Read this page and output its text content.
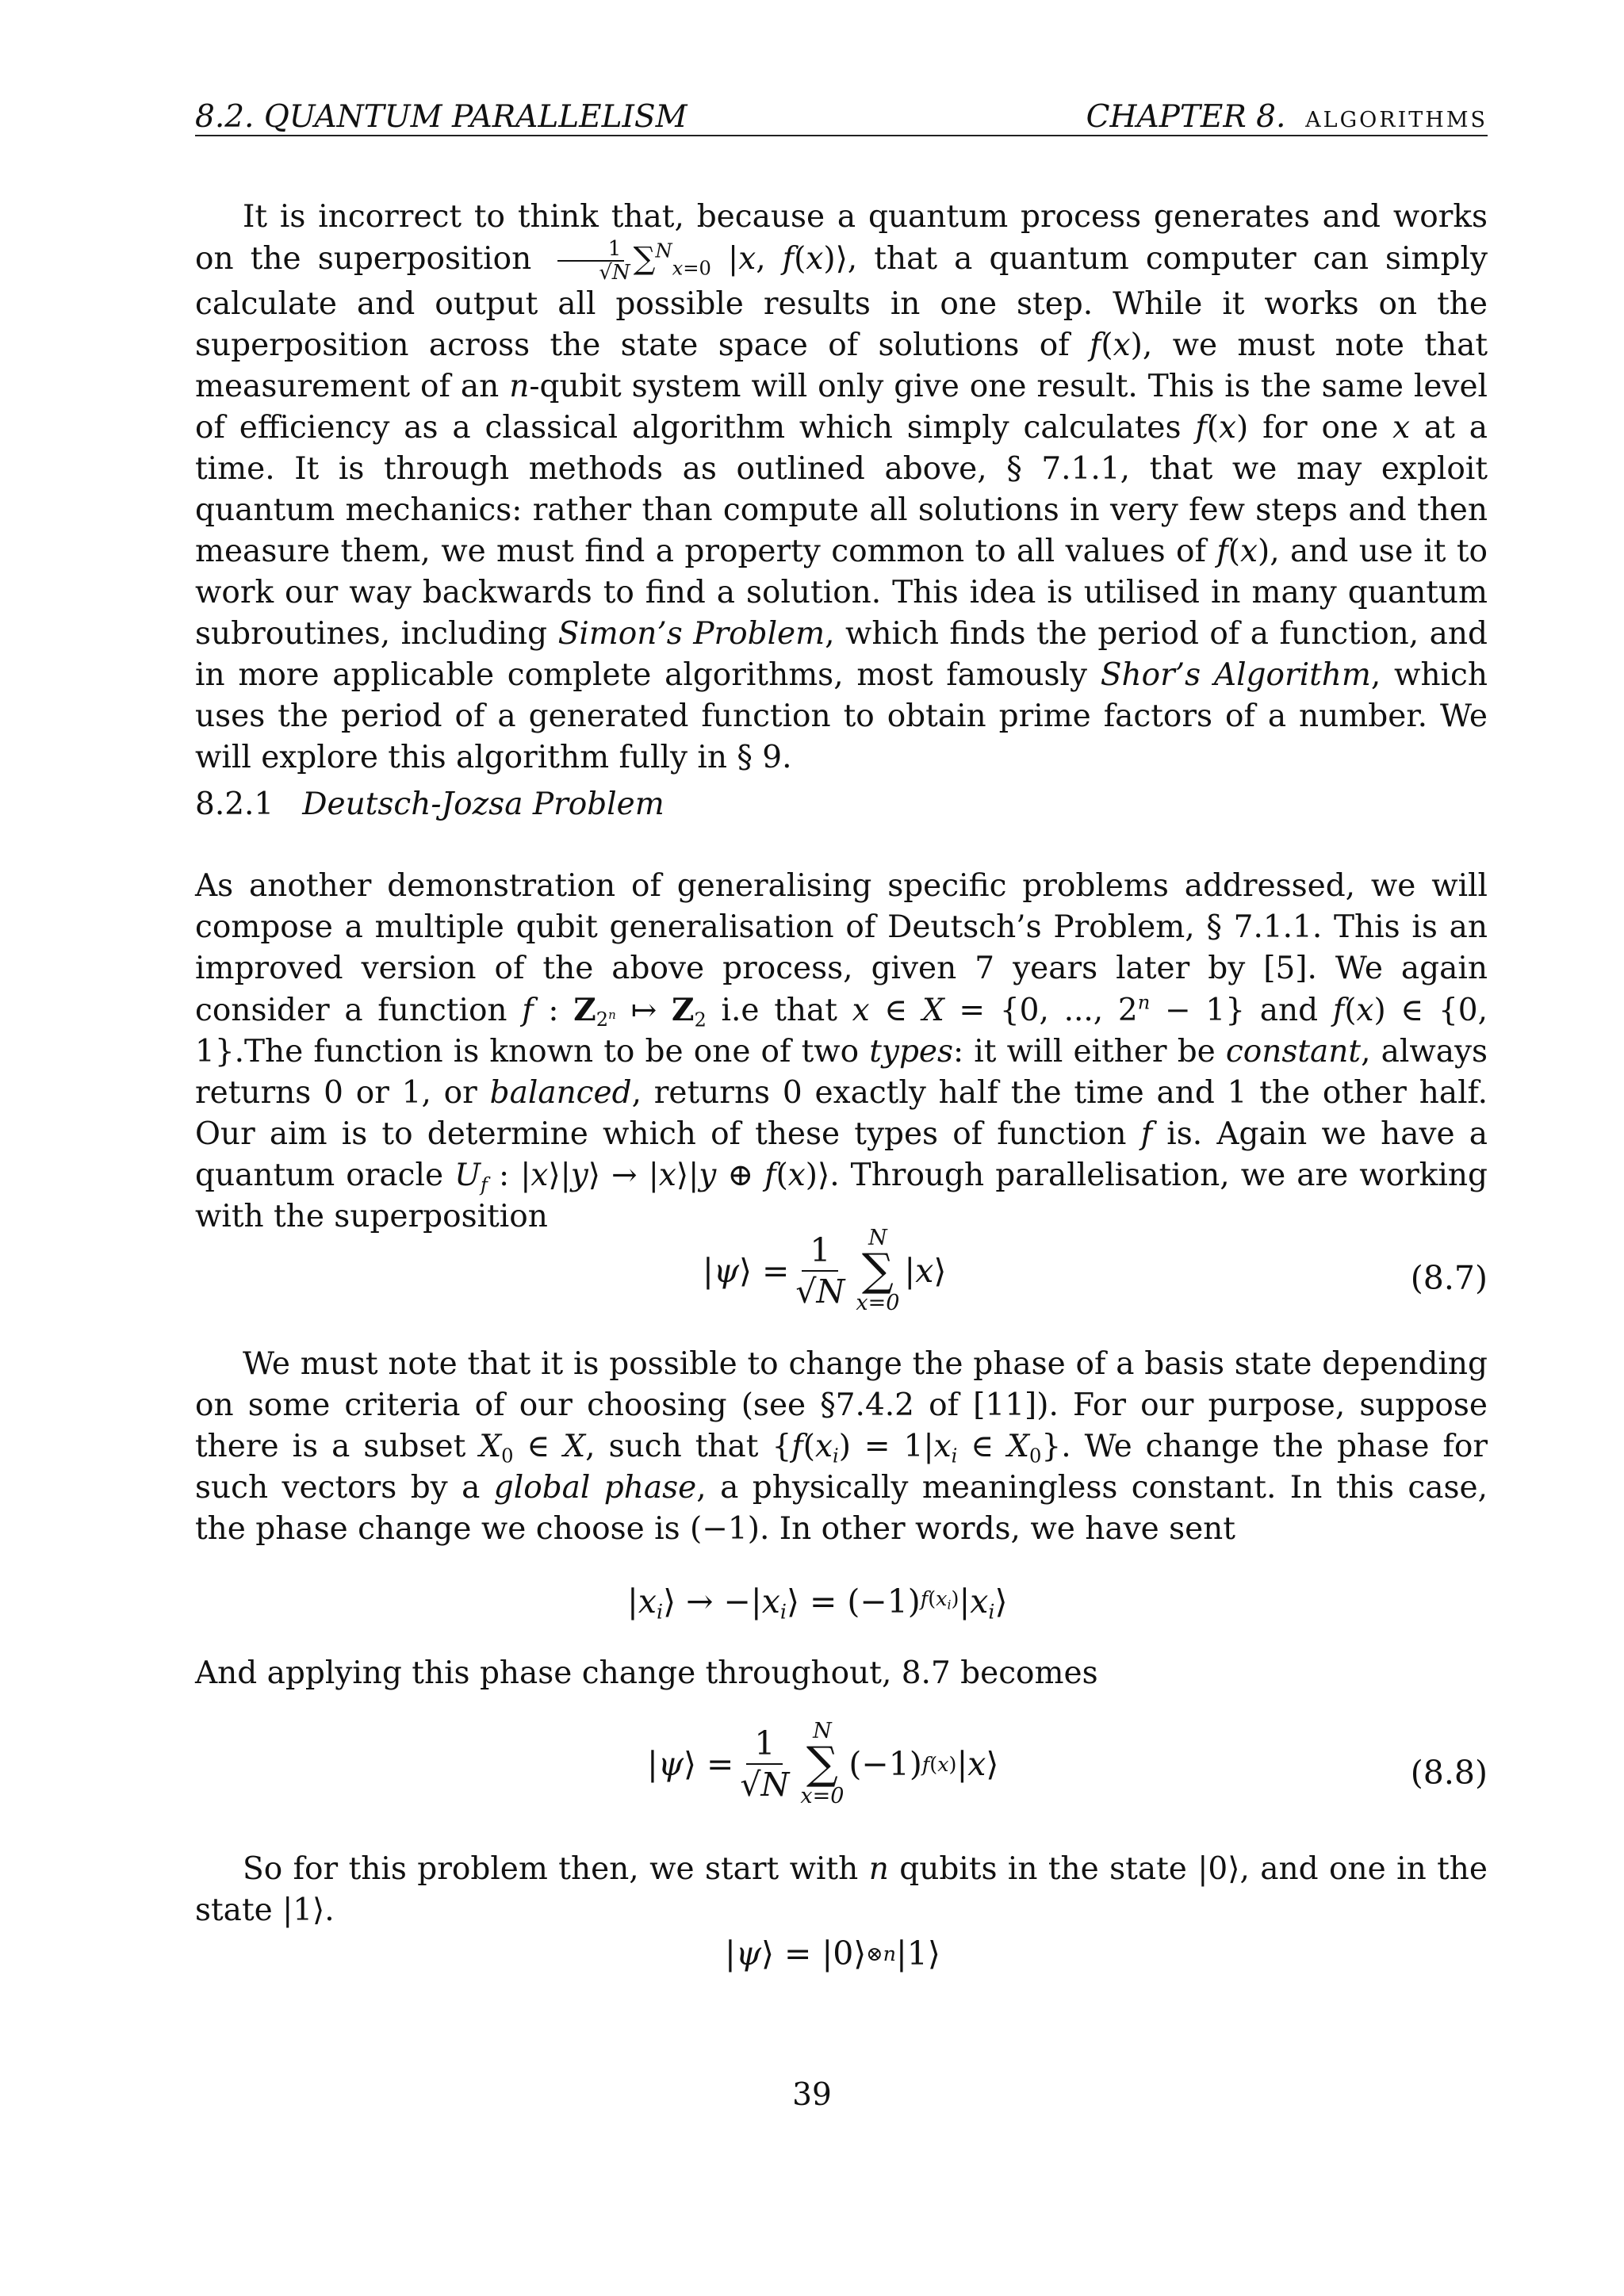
8.2. QUANTUM PARALLELISM	CHAPTER 8. algorithms

It is incorrect to think that, because a quantum process generates and works on the superposition $\frac{1}{√N} \sum^N_{x=0}$ |x, f(x)⟩, that a quantum computer can simply calculate and output all possible results in one step. While it works on the superposition across the state space of solutions of f(x), we must note that measurement of an n-qubit system will only give one result. This is the same level of efficiency as a classical algorithm which simply calculates f(x) for one x at a time. It is through methods as outlined above, § 7.1.1, that we may exploit quantum mechanics: rather than compute all solutions in very few steps and then measure them, we must find a property common to all values of f(x), and use it to work our way backwards to find a solution. This idea is utilised in many quantum subroutines, including Simon’s Problem, which finds the period of a function, and in more applicable complete algorithms, most famously Shor’s Algorithm, which uses the period of a generated function to obtain prime factors of a number. We will explore this algorithm fully in § 9.

8.2.1 Deutsch-Jozsa Problem

As another demonstration of generalising specific problems addressed, we will compose a multiple qubit generalisation of Deutsch’s Problem, § 7.1.1. This is an improved version of the above process, given 7 years later by [5]. We again consider a function f : $Z_{2^n}$ ↦ $Z_2$ i.e that x ∈ X = {0, ..., $2^n - 1$} and f(x) ∈ {0, 1}.The function is known to be one of two types: it will either be constant, always returns 0 or 1, or balanced, returns 0 exactly half the time and 1 the other half. Our aim is to determine which of these types of function f is. Again we have a quantum oracle $U_f$ : |x⟩|y⟩ → |x⟩|y ⊕ f(x)⟩. Through parallelisation, we are working with the superposition

| ψ ⟩ = $\frac{1}{√N}$ N
∑
x=0
| x ⟩	(8.7)

We must note that it is possible to change the phase of a basis state depending on some criteria of our choosing (see §7.4.2 of [11]). For our purpose, suppose there is a subset $X_0$ ∈ X, such that {$f(x_i) = 1|x_i$ ∈ $X_0$}. We change the phase for such vectors by a global phase, a physically meaningless constant. In this case, the phase change we choose is (−1). In other words, we have sent

| $x_i$ ⟩ → −| $x_i$ ⟩ = (−1) $f(x_i)$ | $x_i$ ⟩

And applying this phase change throughout, 8.7 becomes

| ψ ⟩ = $\frac{1}{√N}$ N
∑
x=0
(−1) f(x) | x ⟩	(8.8)

So for this problem then, we start with n qubits in the state |0⟩, and one in the state |1⟩.

| ψ ⟩ = |0⟩ ⊗n |1⟩
39
